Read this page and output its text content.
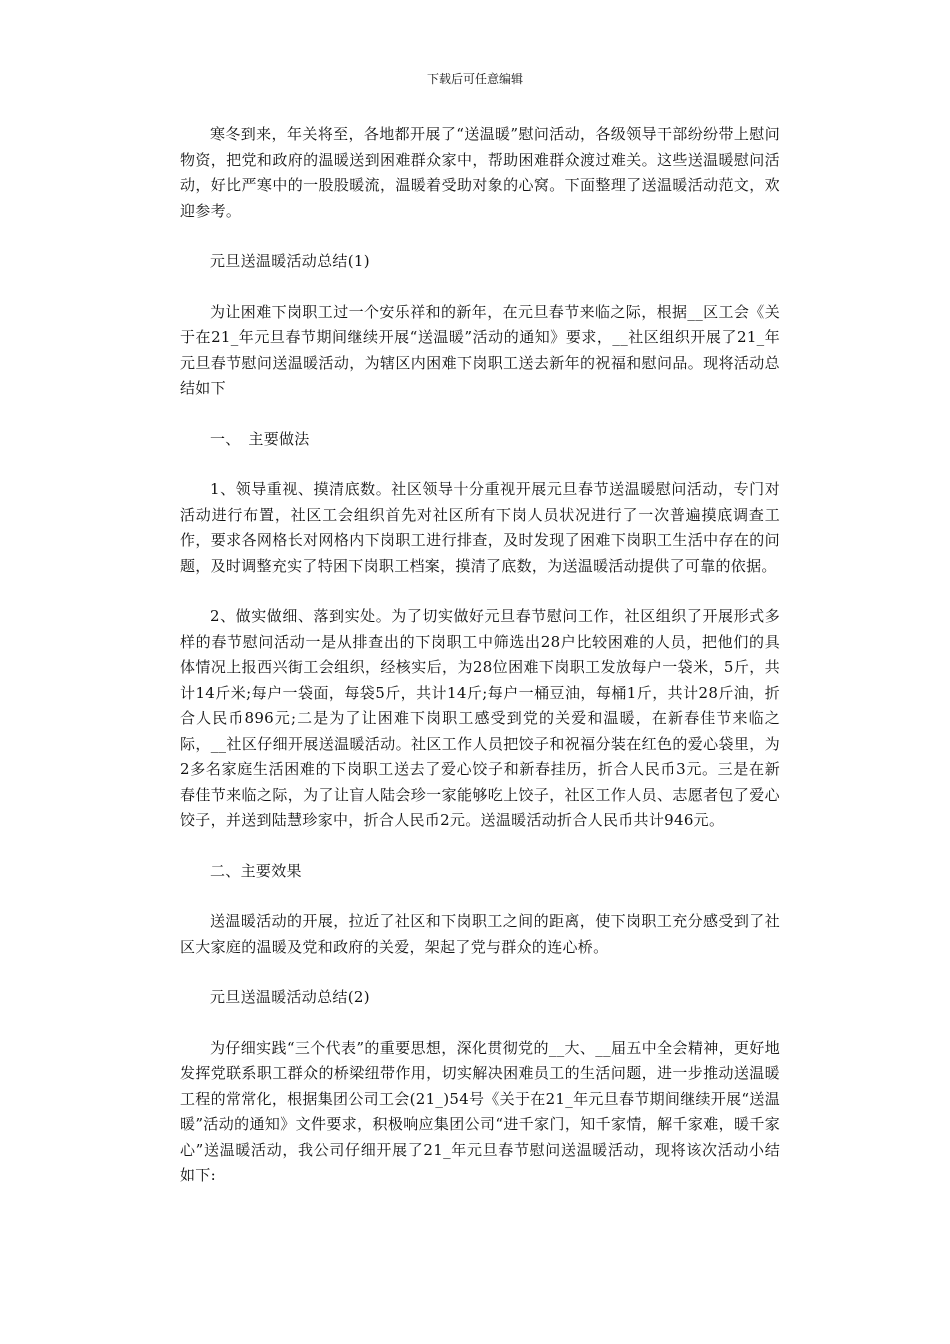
下载后可任意编辑

寒冬到来，年关将至，各地都开展了“送温暖”慰问活动，各级领导干部纷纷带上慰问物资，把党和政府的温暖送到困难群众家中，帮助困难群众渡过难关。这些送温暖慰问活动，好比严寒中的一股股暖流，温暖着受助对象的心窝。下面整理了送温暖活动范文，欢迎参考。

元旦送温暖活动总结(1)

为让困难下岗职工过一个安乐祥和的新年，在元旦春节来临之际，根据__区工会《关于在21_年元旦春节期间继续开展“送温暖”活动的通知》要求，__社区组织开展了21_年元旦春节慰问送温暖活动，为辖区内困难下岗职工送去新年的祝福和慰问品。现将活动总结如下

一、　主要做法

1、领导重视、摸清底数。社区领导十分重视开展元旦春节送温暖慰问活动，专门对活动进行布置，社区工会组织首先对社区所有下岗人员状况进行了一次普遍摸底调查工作，要求各网格长对网格内下岗职工进行排查，及时发现了困难下岗职工生活中存在的问题，及时调整充实了特困下岗职工档案，摸清了底数，为送温暖活动提供了可靠的依据。

2、做实做细、落到实处。为了切实做好元旦春节慰问工作，社区组织了开展形式多样的春节慰问活动一是从排查出的下岗职工中筛选出28户比较困难的人员，把他们的具体情况上报西兴街工会组织，经核实后，为28位困难下岗职工发放每户一袋米，5斤，共计14斤米;每户一袋面，每袋5斤，共计14斤;每户一桶豆油，每桶1斤，共计28斤油，折合人民币896元;二是为了让困难下岗职工感受到党的关爱和温暖，在新春佳节来临之际，__社区仔细开展送温暖活动。社区工作人员把饺子和祝福分装在红色的爱心袋里，为2多名家庭生活困难的下岗职工送去了爱心饺子和新春挂历，折合人民币3元。三是在新春佳节来临之际，为了让盲人陆会珍一家能够吃上饺子，社区工作人员、志愿者包了爱心饺子，并送到陆慧珍家中，折合人民币2元。送温暖活动折合人民币共计946元。

二、主要效果

送温暖活动的开展，拉近了社区和下岗职工之间的距离，使下岗职工充分感受到了社区大家庭的温暖及党和政府的关爱，架起了党与群众的连心桥。

元旦送温暖活动总结(2)

为仔细实践“三个代表”的重要思想，深化贯彻党的__大、__届五中全会精神，更好地发挥党联系职工群众的桥梁纽带作用，切实解决困难员工的生活问题，进一步推动送温暖工程的常常化，根据集团公司工会(21_)54号《关于在21_年元旦春节期间继续开展“送温暖”活动的通知》文件要求，积极响应集团公司“进千家门，知千家情，解千家难，暖千家心”送温暖活动，我公司仔细开展了21_年元旦春节慰问送温暖活动，现将该次活动小结如下:
